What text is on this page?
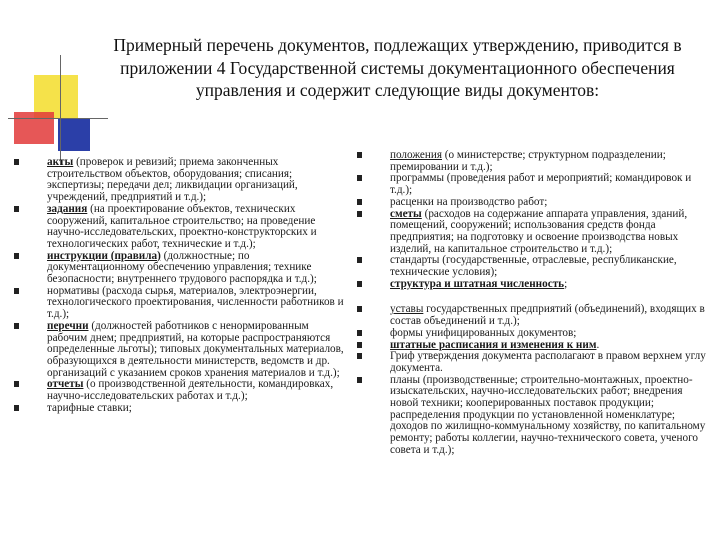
Примерный перечень документов, подлежащих утверждению, приводится в приложении 4 Государственной системы документационного обеспечения управления и содержит следующие виды документов:
акты (проверок и ревизий; приема законченных строительством объектов, оборудования; списания; экспертизы; передачи дел; ликвидации организаций, учреждений, предприятий и т.д.);
задания (на проектирование объектов, технических сооружений, капитальное строительство; на проведение научно-исследовательских, проектно-конструкторских и технологических работ, технические и т.д.);
инструкции (правила) (должностные; по документационному обеспечению управления; технике безопасности; внутреннего трудового распорядка и т.д.);
нормативы (расхода сырья, материалов, электроэнергии, технологического проектирования, численности работников и т.д.);
перечни (должностей работников с ненормированным рабочим днем; предприятий, на которые распространяются определенные льготы); типовых документальных материалов, образующихся в деятельности министерств, ведомств и др. организаций с указанием сроков хранения материалов и т.д.);
отчеты (о производственной деятельности, командировках, научно-исследовательских работах и т.д.);
тарифные ставки;
положения (о министерстве; структурном подразделении; премировании и т.д.);
программы (проведения работ и мероприятий; командировок и т.д.);
расценки на производство работ;
сметы (расходов на содержание аппарата управления, зданий, помещений, сооружений; использования средств фонда предприятия; на подготовку и освоение производства новых изделий, на капитальное строительство и т.д.);
стандарты (государственные, отраслевые, республиканские, технические условия);
структура и штатная численность;
уставы государственных предприятий (объединений), входящих в состав объединений и т.д.);
формы унифицированных документов;
штатные расписания и изменения к ним.
Гриф утверждения документа располагают в правом верхнем углу документа.
планы (производственные; строительно-монтажных, проектно-изыскательских, научно-исследовательских работ; внедрения новой техники; кооперированных поставок продукции; распределения продукции по установленной номенклатуре; доходов по жилищно-коммунальному хозяйству, по капитальному ремонту; работы коллегии, научно-технического совета, ученого совета и т.д.);
